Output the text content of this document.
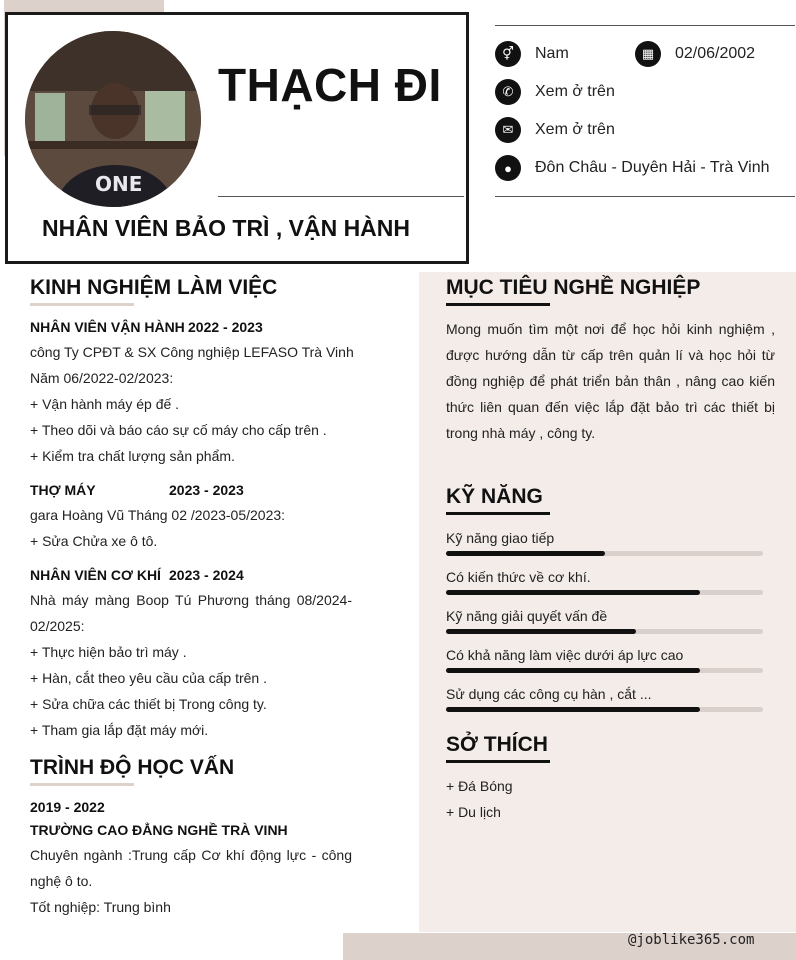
ONE
THẠCH ĐI
NHÂN VIÊN BẢO TRÌ , VẬN HÀNH
⚥	Nam	▦	02/06/2002
✆	Xem ở trên
✉	Xem ở trên
●	Đôn Châu - Duyên Hải - Trà Vinh
KINH NGHIỆM LÀM VIỆC
NHÂN VIÊN VẬN HÀNH 2022 - 2023
công Ty CPĐT & SX Công nghiệp LEFASO Trà Vinh
Năm 06/2022-02/2023:
+ Vận hành máy ép đế .
+ Theo dõi và báo cáo sự cố máy cho cấp trên .
+ Kiểm tra chất lượng sản phẩm.
THỢ MÁY	2023 - 2023
gara Hoàng Vũ Tháng 02 /2023-05/2023:
+ Sửa Chửa xe ô tô.
NHÂN VIÊN CƠ KHÍ 2023 - 2024
Nhà máy màng Boop Tú Phương tháng 08/2024-02/2025:
+ Thực hiện bảo trì máy .
+ Hàn, cắt theo yêu cầu của cấp trên .
+ Sửa chữa các thiết bị Trong công ty.
+ Tham gia lắp đặt máy mới.
TRÌNH ĐỘ HỌC VẤN
2019 - 2022
TRƯỜNG CAO ĐẲNG NGHỀ TRÀ VINH
Chuyên ngành :Trung cấp Cơ khí động lực - công nghệ ô to.
Tốt nghiệp: Trung bình
MỤC TIÊU NGHỀ NGHIỆP
Mong muốn tìm một nơi để học hỏi kinh nghiệm , được hướng dẫn từ cấp trên quản lí và học hỏi từ đồng nghiệp để phát triển bản thân , nâng cao kiến thức liên quan đến việc lắp đặt bảo trì các thiết bị trong nhà máy , công ty.
KỸ NĂNG
Kỹ năng giao tiếp
Có kiến thức về cơ khí.
Kỹ năng giải quyết vấn đề
Có khả năng làm việc dưới áp lực cao
Sử dụng các công cụ hàn , cắt ...
SỞ THÍCH
+ Đá Bóng
+ Du lịch
@joblike365.com
